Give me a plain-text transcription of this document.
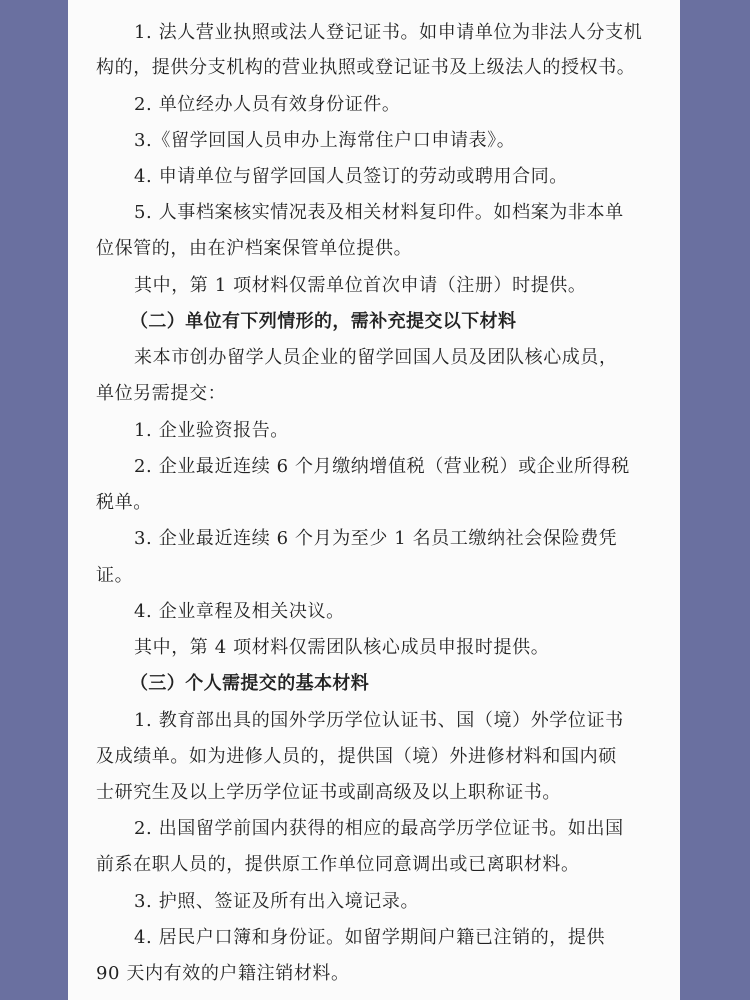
1. 法人营业执照或法人登记证书。如申请单位为非法人分支机
构的，提供分支机构的营业执照或登记证书及上级法人的授权书。
2. 单位经办人员有效身份证件。
3.《留学回国人员申办上海常住户口申请表》。
4. 申请单位与留学回国人员签订的劳动或聘用合同。
5. 人事档案核实情况表及相关材料复印件。如档案为非本单
位保管的，由在沪档案保管单位提供。
其中，第 1 项材料仅需单位首次申请（注册）时提供。
（二）单位有下列情形的，需补充提交以下材料
来本市创办留学人员企业的留学回国人员及团队核心成员，
单位另需提交：
1. 企业验资报告。
2. 企业最近连续 6 个月缴纳增值税（营业税）或企业所得税
税单。
3. 企业最近连续 6 个月为至少 1 名员工缴纳社会保险费凭
证。
4. 企业章程及相关决议。
其中，第 4 项材料仅需团队核心成员申报时提供。
（三）个人需提交的基本材料
1. 教育部出具的国外学历学位认证书、国（境）外学位证书
及成绩单。如为进修人员的，提供国（境）外进修材料和国内硕
士研究生及以上学历学位证书或副高级及以上职称证书。
2. 出国留学前国内获得的相应的最高学历学位证书。如出国
前系在职人员的，提供原工作单位同意调出或已离职材料。
3. 护照、签证及所有出入境记录。
4. 居民户口簿和身份证。如留学期间户籍已注销的，提供
90 天内有效的户籍注销材料。
